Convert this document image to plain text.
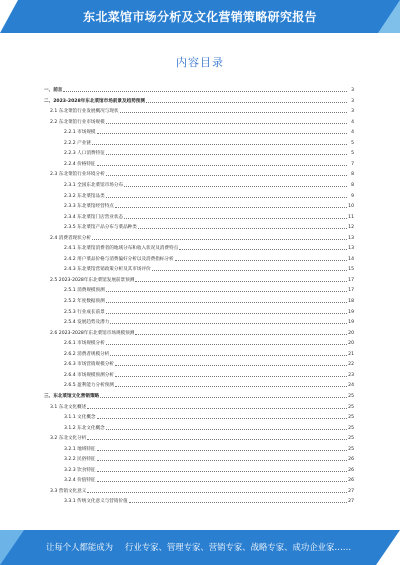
东北菜馆市场分析及文化营销策略研究报告
内容目录
一、前言	3
二、2023-2028年东北菜馆市场前景及趋势预测	3
2.1 东北菜馆行业发展概况与现状	3
2.2 东北菜馆行业市场规模	4
2.2.1 市场规模	4
2.2.2 产业链	5
2.2.3 人口消费特征	5
2.2.4 价格特征	7
2.3 东北菜馆行业环境分析	8
2.3.1 全国东北菜馆市场分布	8
2.3.2 东北菜馆品类	9
2.3.3 东北菜馆经营特点	10
2.3.4 东北菜馆门店营业状态	11
2.3.5 东北菜馆产品分布与菜品种类	12
2.4 消费者现状分析	13
2.4.1 东北菜馆消费者的地域分布和收入状况及消费特点	13
2.4.2 用户菜品价格与消费偏好分析以及消费指标分析	14
2.4.3 东北菜馆营销政策分析及其市场评价	15
2.5 2023-2028年东北菜馆发展前景预测	17
2.5.1 消费规模预测	17
2.5.2 年度数据预测	18
2.5.3 行业成长前景	19
2.5.4 发展趋势及潜力	19
2.6 2023-2028年东北菜馆市场规模预测	20
2.6.1 市场规模分析	20
2.6.2 消费者规模分析	21
2.6.3 市场营销规模分析	22
2.6.4 市场规模预测分析	23
2.6.5 盈利能力分析预测	24
三、东北菜馆文化营销策略	25
3.1 东北文化概述	25
3.1.1 文化概念	25
3.1.2 东北文化概念	25
3.2 东北文化分析	25
3.2.1 地域特征	25
3.2.2 民俗特征	26
3.2.3 饮食特征	26
3.2.4 价值特征	26
3.3 营销文化意义	27
3.3.1 传统文化意义与营销价值	27
让每个人都能成为 行业专家、管理专家、营销专家、战略专家、成功企业家……
